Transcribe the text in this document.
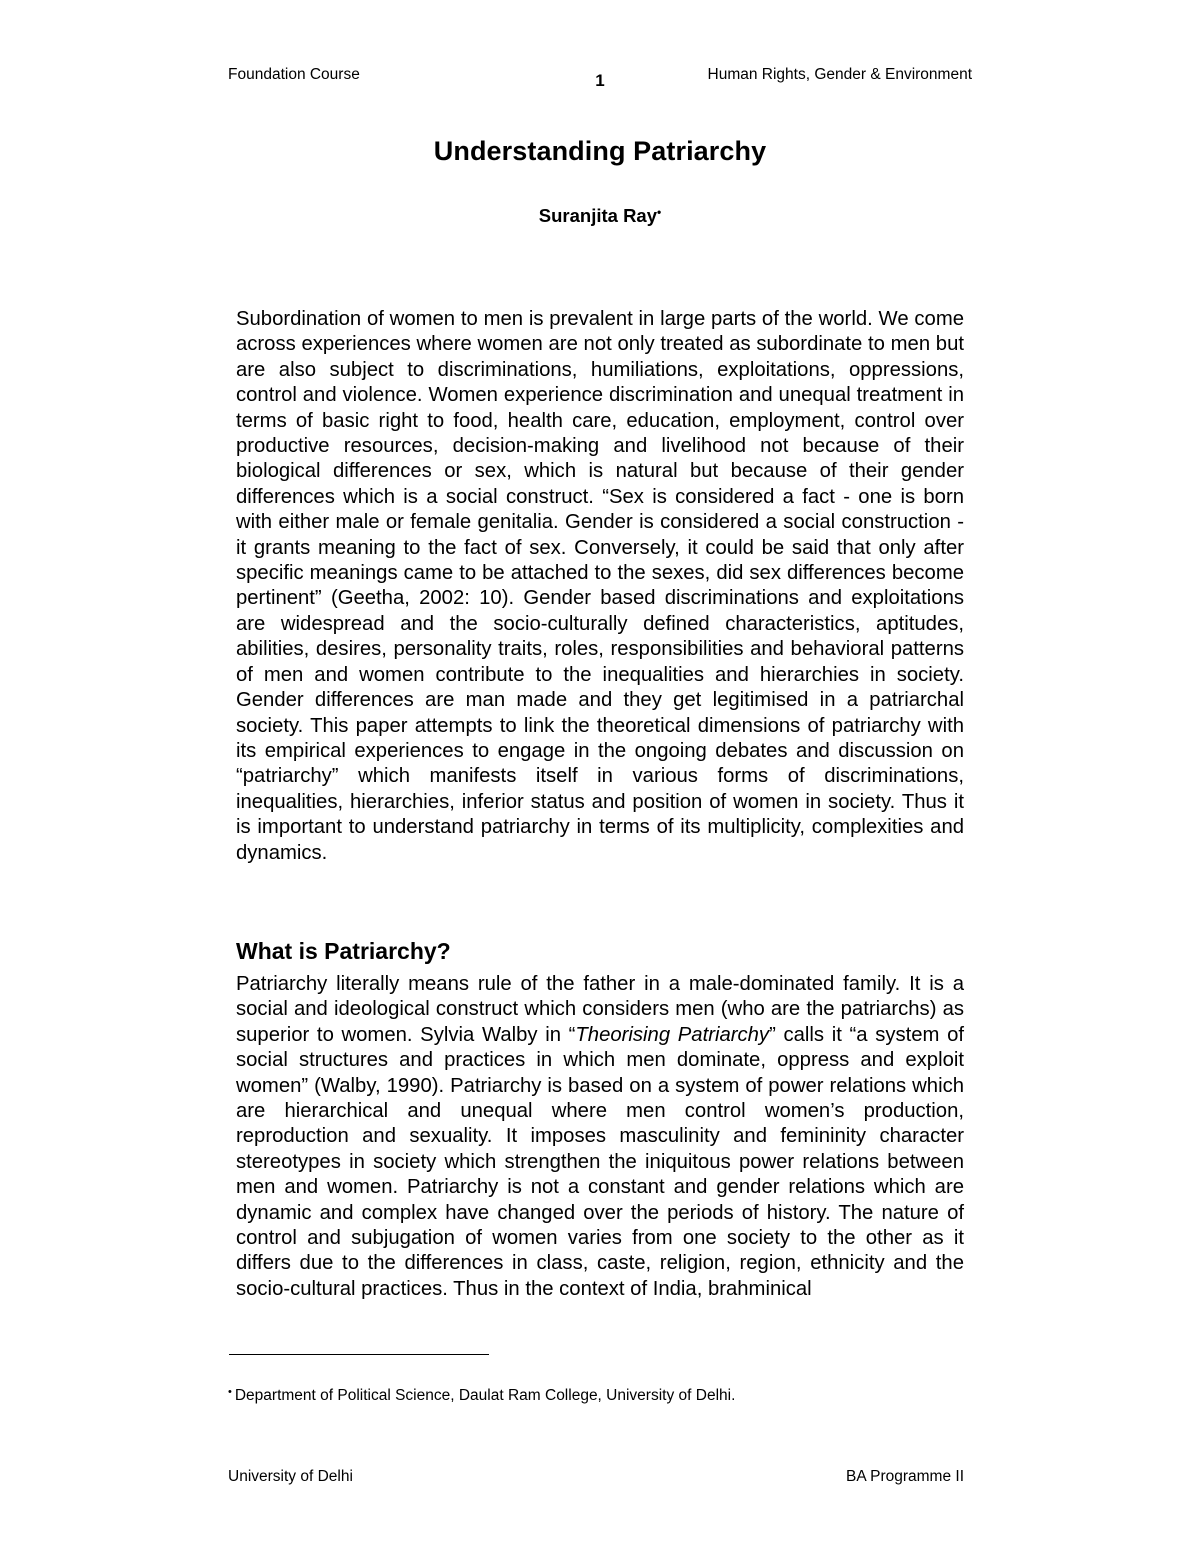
Foundation Course	1	Human Rights, Gender & Environment
Understanding Patriarchy
Suranjita Ray•

Subordination of women to men is prevalent in large parts of the world. We come across experiences where women are not only treated as subordinate to men but are also subject to discriminations, humiliations, exploitations, oppressions, control and violence. Women experience discrimination and unequal treatment in terms of basic right to food, health care, education, employment, control over productive resources, decision-making and livelihood not because of their biological differences or sex, which is natural but because of their gender differences which is a social construct. “Sex is considered a fact - one is born with either male or female genitalia. Gender is considered a social construction - it grants meaning to the fact of sex. Conversely, it could be said that only after specific meanings came to be attached to the sexes, did sex differences become pertinent” (Geetha, 2002: 10). Gender based discriminations and exploitations are widespread and the socio-culturally defined characteristics, aptitudes, abilities, desires, personality traits, roles, responsibilities and behavioral patterns of men and women contribute to the inequalities and hierarchies in society. Gender differences are man made and they get legitimised in a patriarchal society. This paper attempts to link the theoretical dimensions of patriarchy with its empirical experiences to engage in the ongoing debates and discussion on “patriarchy” which manifests itself in various forms of discriminations, inequalities, hierarchies, inferior status and position of women in society. Thus it is important to understand patriarchy in terms of its multiplicity, complexities and dynamics.

What is Patriarchy?

Patriarchy literally means rule of the father in a male-dominated family. It is a social and ideological construct which considers men (who are the patriarchs) as superior to women. Sylvia Walby in “Theorising Patriarchy” calls it “a system of social structures and practices in which men dominate, oppress and exploit women” (Walby, 1990). Patriarchy is based on a system of power relations which are hierarchical and unequal where men control women’s production, reproduction and sexuality. It imposes masculinity and femininity character stereotypes in society which strengthen the iniquitous power relations between men and women. Patriarchy is not a constant and gender relations which are dynamic and complex have changed over the periods of history. The nature of control and subjugation of women varies from one society to the other as it differs due to the differences in class, caste, religion, region, ethnicity and the socio-cultural practices. Thus in the context of India, brahminical

• Department of Political Science, Daulat Ram College, University of Delhi.
University of Delhi	BA Programme II
